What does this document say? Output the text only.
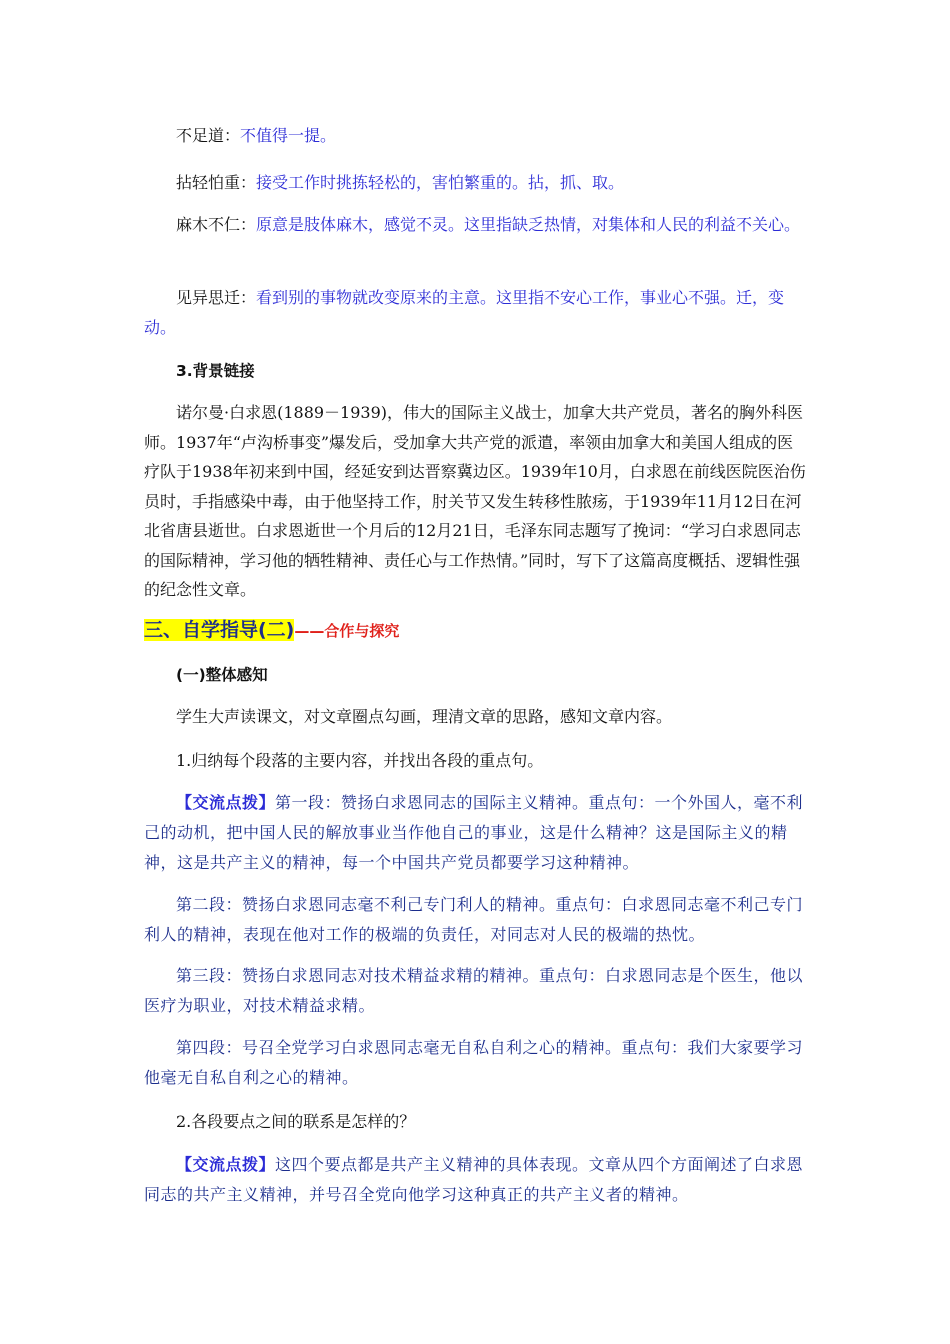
不足道：不值得一提。

拈轻怕重：接受工作时挑拣轻松的，害怕繁重的。拈，抓、取。

麻木不仁：原意是肢体麻木，感觉不灵。这里指缺乏热情，对集体和人民的利益不关心。

见异思迁：看到别的事物就改变原来的主意。这里指不安心工作，事业心不强。迁，变动。

3.背景链接

诺尔曼·白求恩(1889－1939)，伟大的国际主义战士，加拿大共产党员，著名的胸外科医师。1937年“卢沟桥事变”爆发后，受加拿大共产党的派遣，率领由加拿大和美国人组成的医疗队于1938年初来到中国，经延安到达晋察冀边区。1939年10月，白求恩在前线医院医治伤员时，手指感染中毒，由于他坚持工作，肘关节又发生转移性脓疡，于1939年11月12日在河北省唐县逝世。白求恩逝世一个月后的12月21日，毛泽东同志题写了挽词：“学习白求恩同志的国际精神，学习他的牺牲精神、责任心与工作热情。”同时，写下了这篇高度概括、逻辑性强的纪念性文章。

三、自学指导(二)——合作与探究

(一)整体感知

学生大声读课文，对文章圈点勾画，理清文章的思路，感知文章内容。

1.归纳每个段落的主要内容，并找出各段的重点句。

【交流点拨】第一段：赞扬白求恩同志的国际主义精神。重点句：一个外国人，毫不利己的动机，把中国人民的解放事业当作他自己的事业，这是什么精神？这是国际主义的精神，这是共产主义的精神，每一个中国共产党员都要学习这种精神。

第二段：赞扬白求恩同志毫不利己专门利人的精神。重点句：白求恩同志毫不利己专门利人的精神，表现在他对工作的极端的负责任，对同志对人民的极端的热忱。

第三段：赞扬白求恩同志对技术精益求精的精神。重点句：白求恩同志是个医生，他以医疗为职业，对技术精益求精。

第四段：号召全党学习白求恩同志毫无自私自利之心的精神。重点句：我们大家要学习他毫无自私自利之心的精神。

2.各段要点之间的联系是怎样的？

【交流点拨】这四个要点都是共产主义精神的具体表现。文章从四个方面阐述了白求恩同志的共产主义精神，并号召全党向他学习这种真正的共产主义者的精神。
